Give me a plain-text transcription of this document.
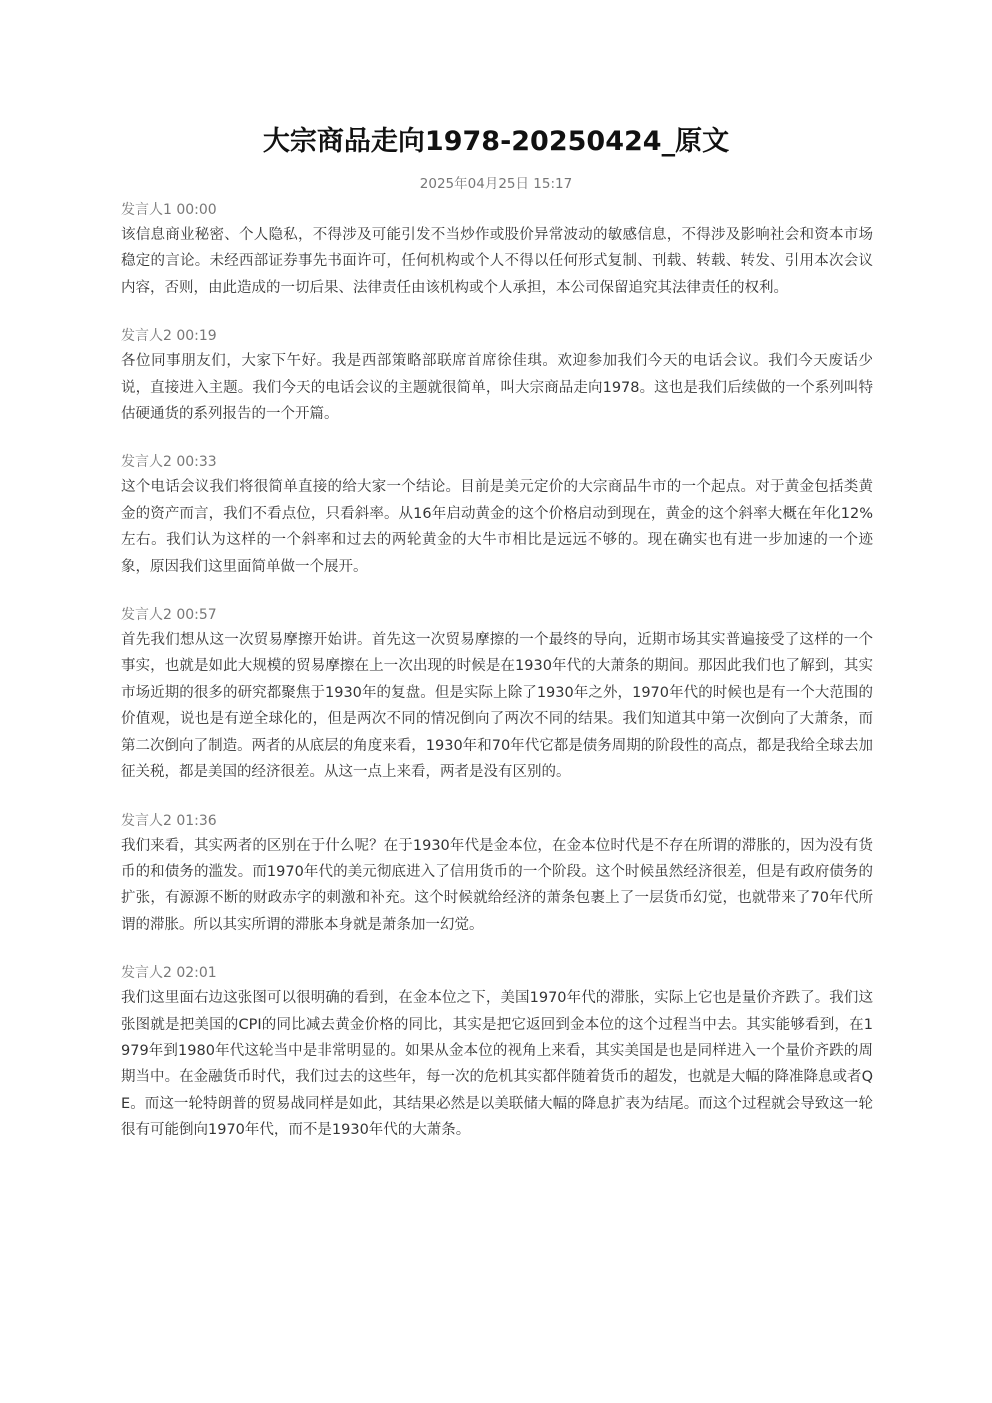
大宗商品走向1978-20250424_原文
2025年04月25日 15:17
发言人1 00:00

该信息商业秘密、个人隐私，不得涉及可能引发不当炒作或股价异常波动的敏感信息，不得涉及影响社会和资本市场稳定的言论。未经西部证券事先书面许可，任何机构或个人不得以任何形式复制、刊载、转载、转发、引用本次会议内容，否则，由此造成的一切后果、法律责任由该机构或个人承担，本公司保留追究其法律责任的权利。

发言人2 00:19

各位同事朋友们，大家下午好。我是西部策略部联席首席徐佳琪。欢迎参加我们今天的电话会议。我们今天废话少说，直接进入主题。我们今天的电话会议的主题就很简单，叫大宗商品走向1978。这也是我们后续做的一个系列叫特估硬通货的系列报告的一个开篇。

发言人2 00:33

这个电话会议我们将很简单直接的给大家一个结论。目前是美元定价的大宗商品牛市的一个起点。对于黄金包括类黄金的资产而言，我们不看点位，只看斜率。从16年启动黄金的这个价格启动到现在，黄金的这个斜率大概在年化12%左右。我们认为这样的一个斜率和过去的两轮黄金的大牛市相比是远远不够的。现在确实也有进一步加速的一个迹象，原因我们这里面简单做一个展开。

发言人2 00:57

首先我们想从这一次贸易摩擦开始讲。首先这一次贸易摩擦的一个最终的导向，近期市场其实普遍接受了这样的一个事实，也就是如此大规模的贸易摩擦在上一次出现的时候是在1930年代的大萧条的期间。那因此我们也了解到，其实市场近期的很多的研究都聚焦于1930年的复盘。但是实际上除了1930年之外，1970年代的时候也是有一个大范围的价值观，说也是有逆全球化的，但是两次不同的情况倒向了两次不同的结果。我们知道其中第一次倒向了大萧条，而第二次倒向了制造。两者的从底层的角度来看，1930年和70年代它都是债务周期的阶段性的高点，都是我给全球去加征关税，都是美国的经济很差。从这一点上来看，两者是没有区别的。

发言人2 01:36

我们来看，其实两者的区别在于什么呢？在于1930年代是金本位，在金本位时代是不存在所谓的滞胀的，因为没有货币的和债务的滥发。而1970年代的美元彻底进入了信用货币的一个阶段。这个时候虽然经济很差，但是有政府债务的扩张，有源源不断的财政赤字的刺激和补充。这个时候就给经济的萧条包裹上了一层货币幻觉，也就带来了70年代所谓的滞胀。所以其实所谓的滞胀本身就是萧条加一幻觉。

发言人2 02:01

我们这里面右边这张图可以很明确的看到，在金本位之下，美国1970年代的滞胀，实际上它也是量价齐跌了。我们这张图就是把美国的CPI的同比减去黄金价格的同比，其实是把它返回到金本位的这个过程当中去。其实能够看到，在1979年到1980年代这轮当中是非常明显的。如果从金本位的视角上来看，其实美国是也是同样进入一个量价齐跌的周期当中。在金融货币时代，我们过去的这些年，每一次的危机其实都伴随着货币的超发，也就是大幅的降准降息或者QE。而这一轮特朗普的贸易战同样是如此，其结果必然是以美联储大幅的降息扩表为结尾。而这个过程就会导致这一轮很有可能倒向1970年代，而不是1930年代的大萧条。
